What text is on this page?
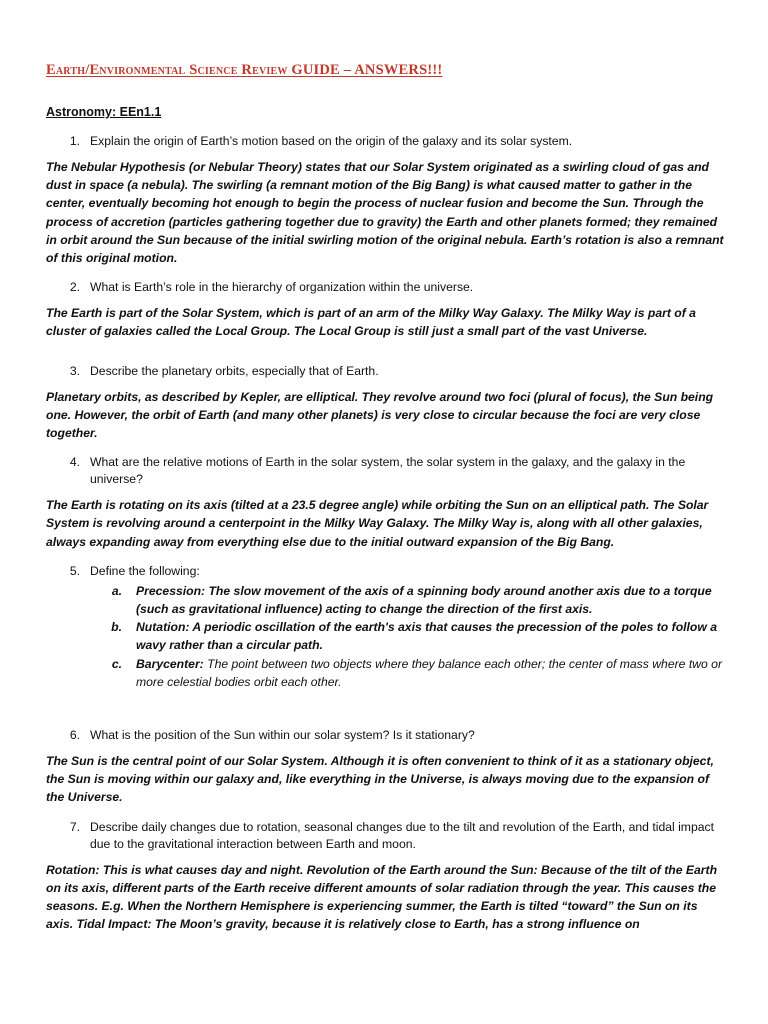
Earth/Environmental Science Review GUIDE – ANSWERS!!!
Astronomy: EEn1.1
1. Explain the origin of Earth’s motion based on the origin of the galaxy and its solar system.
The Nebular Hypothesis (or Nebular Theory) states that our Solar System originated as a swirling cloud of gas and dust in space (a nebula). The swirling (a remnant motion of the Big Bang) is what caused matter to gather in the center, eventually becoming hot enough to begin the process of nuclear fusion and become the Sun. Through the process of accretion (particles gathering together due to gravity) the Earth and other planets formed; they remained in orbit around the Sun because of the initial swirling motion of the original nebula. Earth’s rotation is also a remnant of this original motion.
2. What is Earth’s role in the hierarchy of organization within the universe.
The Earth is part of the Solar System, which is part of an arm of the Milky Way Galaxy. The Milky Way is part of a cluster of galaxies called the Local Group. The Local Group is still just a small part of the vast Universe.
3. Describe the planetary orbits, especially that of Earth.
Planetary orbits, as described by Kepler, are elliptical. They revolve around two foci (plural of focus), the Sun being one. However, the orbit of Earth (and many other planets) is very close to circular because the foci are very close together.
4. What are the relative motions of Earth in the solar system, the solar system in the galaxy, and the galaxy in the universe?
The Earth is rotating on its axis (tilted at a 23.5 degree angle) while orbiting the Sun on an elliptical path. The Solar System is revolving around a centerpoint in the Milky Way Galaxy. The Milky Way is, along with all other galaxies, always expanding away from everything else due to the initial outward expansion of the Big Bang.
5. Define the following:
a.	Precession: The slow movement of the axis of a spinning body around another axis due to a torque (such as gravitational influence) acting to change the direction of the first axis.
b.	Nutation: A periodic oscillation of the earth's axis that causes the precession of the poles to follow a wavy rather than a circular path.
c.	Barycenter: The point between two objects where they balance each other; the center of mass where two or more celestial bodies orbit each other.
6. What is the position of the Sun within our solar system? Is it stationary?
The Sun is the central point of our Solar System. Although it is often convenient to think of it as a stationary object, the Sun is moving within our galaxy and, like everything in the Universe, is always moving due to the expansion of the Universe.
7. Describe daily changes due to rotation, seasonal changes due to the tilt and revolution of the Earth, and tidal impact due to the gravitational interaction between Earth and moon.
Rotation: This is what causes day and night. Revolution of the Earth around the Sun: Because of the tilt of the Earth on its axis, different parts of the Earth receive different amounts of solar radiation through the year. This causes the seasons. E.g. When the Northern Hemisphere is experiencing summer, the Earth is tilted “toward” the Sun on its axis. Tidal Impact: The Moon’s gravity, because it is relatively close to Earth, has a strong influence on
